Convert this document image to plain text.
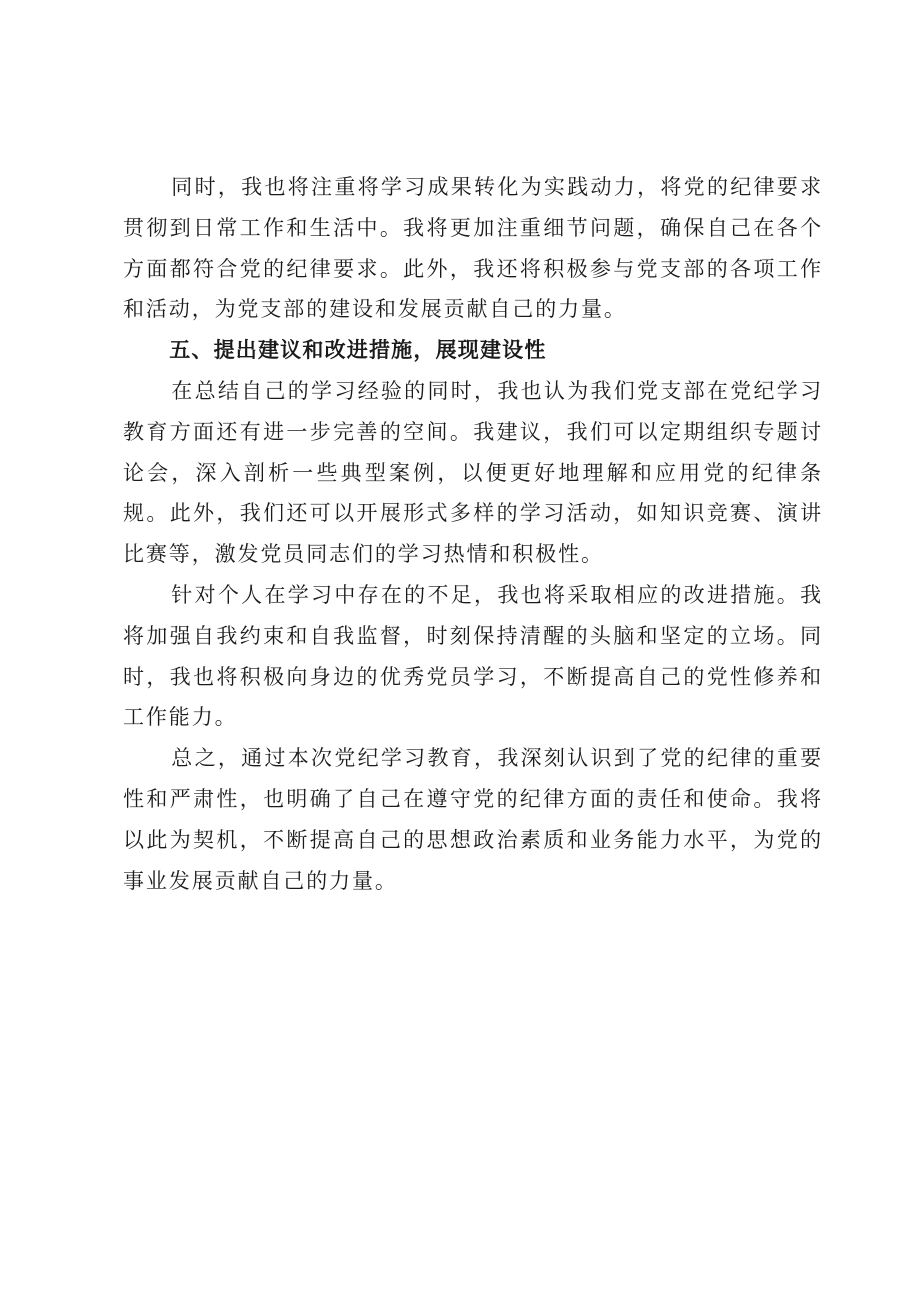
同时，我也将注重将学习成果转化为实践动力，将党的纪律要求贯彻到日常工作和生活中。我将更加注重细节问题，确保自己在各个方面都符合党的纪律要求。此外，我还将积极参与党支部的各项工作和活动，为党支部的建设和发展贡献自己的力量。

五、提出建议和改进措施，展现建设性

在总结自己的学习经验的同时，我也认为我们党支部在党纪学习教育方面还有进一步完善的空间。我建议，我们可以定期组织专题讨论会，深入剖析一些典型案例，以便更好地理解和应用党的纪律条规。此外，我们还可以开展形式多样的学习活动，如知识竞赛、演讲比赛等，激发党员同志们的学习热情和积极性。

针对个人在学习中存在的不足，我也将采取相应的改进措施。我将加强自我约束和自我监督，时刻保持清醒的头脑和坚定的立场。同时，我也将积极向身边的优秀党员学习，不断提高自己的党性修养和工作能力。

总之，通过本次党纪学习教育，我深刻认识到了党的纪律的重要性和严肃性，也明确了自己在遵守党的纪律方面的责任和使命。我将以此为契机，不断提高自己的思想政治素质和业务能力水平，为党的事业发展贡献自己的力量。
